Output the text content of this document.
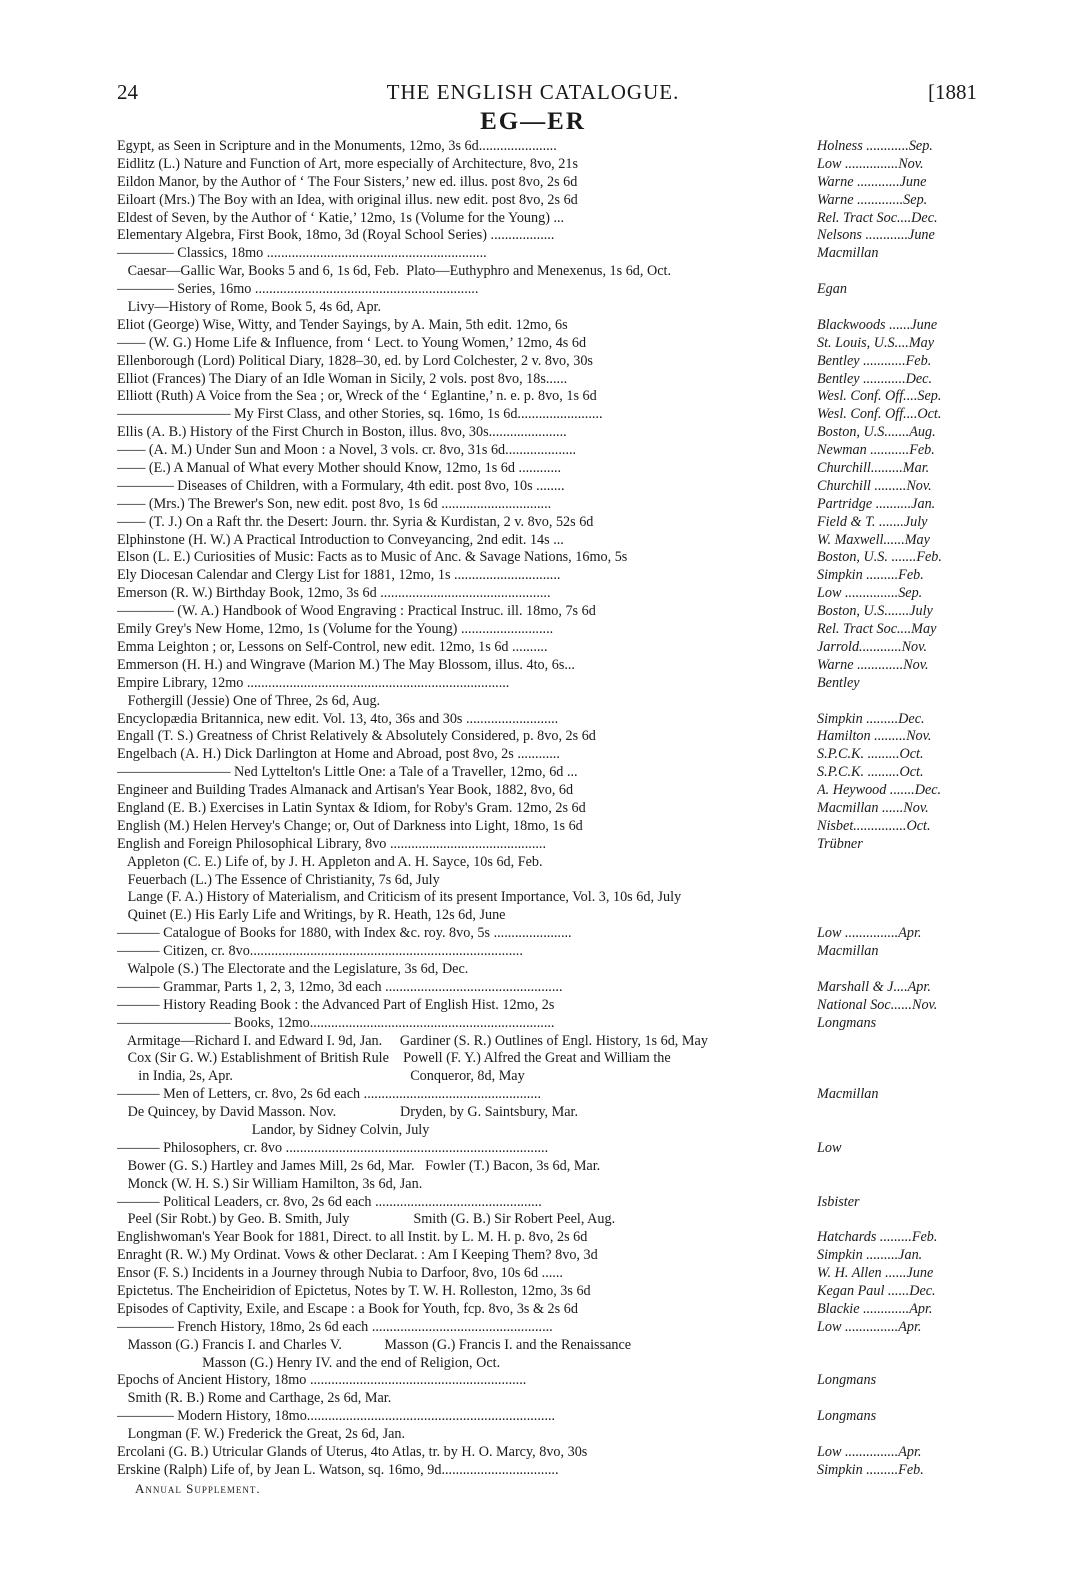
24	THE ENGLISH CATALOGUE.	[1881
EG—ER
Egypt, as Seen in Scripture and in the Monuments, 12mo, 3s 6d......................	Holness ............Sep.
Eidlitz (L.) Nature and Function of Art, more especially of Architecture, 8vo, 21s	Low ...............Nov.
Eildon Manor, by the Author of ‘ The Four Sisters,’ new ed. illus. post 8vo, 2s 6d	Warne ............June
Eiloart (Mrs.) The Boy with an Idea, with original illus. new edit. post 8vo, 2s 6d	Warne .............Sep.
Eldest of Seven, by the Author of ‘ Katie,’ 12mo, 1s (Volume for the Young) ...	Rel. Tract Soc....Dec.
Elementary Algebra, First Book, 18mo, 3d (Royal School Series) ..................	Nelsons ............June
———— Classics, 18mo ..............................................................	Macmillan
Caesar—Gallic War, Books 5 and 6, 1s 6d, Feb.  Plato—Euthyphro and Menexenus, 1s 6d, Oct.
———— Series, 16mo ...............................................................	Egan
Livy—History of Rome, Book 5, 4s 6d, Apr.
Eliot (George) Wise, Witty, and Tender Sayings, by A. Main, 5th edit. 12mo, 6s	Blackwoods ......June
—— (W. G.) Home Life & Influence, from ‘ Lect. to Young Women,’ 12mo, 4s 6d	St. Louis, U.S....May
Ellenborough (Lord) Political Diary, 1828–30, ed. by Lord Colchester, 2 v. 8vo, 30s	Bentley ............Feb.
Elliot (Frances) The Diary of an Idle Woman in Sicily, 2 vols. post 8vo, 18s......	Bentley ............Dec.
Elliott (Ruth) A Voice from the Sea ; or, Wreck of the ‘ Eglantine,’ n. e. p. 8vo, 1s 6d	Wesl. Conf. Off....Sep.
———————— My First Class, and other Stories, sq. 16mo, 1s 6d........................	Wesl. Conf. Off....Oct.
Ellis (A. B.) History of the First Church in Boston, illus. 8vo, 30s......................	Boston, U.S.......Aug.
—— (A. M.) Under Sun and Moon : a Novel, 3 vols. cr. 8vo, 31s 6d....................	Newman ...........Feb.
—— (E.) A Manual of What every Mother should Know, 12mo, 1s 6d ............	Churchill.........Mar.
———— Diseases of Children, with a Formulary, 4th edit. post 8vo, 10s ........	Churchill .........Nov.
—— (Mrs.) The Brewer's Son, new edit. post 8vo, 1s 6d ...............................	Partridge ..........Jan.
—— (T. J.) On a Raft thr. the Desert: Journ. thr. Syria & Kurdistan, 2 v. 8vo, 52s 6d	Field & T. .......July
Elphinstone (H. W.) A Practical Introduction to Conveyancing, 2nd edit. 14s ...	W. Maxwell......May
Elson (L. E.) Curiosities of Music: Facts as to Music of Anc. & Savage Nations, 16mo, 5s	Boston, U.S. .......Feb.
Ely Diocesan Calendar and Clergy List for 1881, 12mo, 1s ..............................	Simpkin .........Feb.
Emerson (R. W.) Birthday Book, 12mo, 3s 6d ................................................	Low ...............Sep.
———— (W. A.) Handbook of Wood Engraving : Practical Instruc. ill. 18mo, 7s 6d	Boston, U.S.......July
Emily Grey's New Home, 12mo, 1s (Volume for the Young) ..........................	Rel. Tract Soc....May
Emma Leighton ; or, Lessons on Self-Control, new edit. 12mo, 1s 6d ..........	Jarrold............Nov.
Emmerson (H. H.) and Wingrave (Marion M.) The May Blossom, illus. 4to, 6s...	Warne .............Nov.
Empire Library, 12mo ..........................................................................	Bentley
Fothergill (Jessie) One of Three, 2s 6d, Aug.
Encyclopædia Britannica, new edit. Vol. 13, 4to, 36s and 30s ..........................	Simpkin .........Dec.
Engall (T. S.) Greatness of Christ Relatively & Absolutely Considered, p. 8vo, 2s 6d	Hamilton .........Nov.
Engelbach (A. H.) Dick Darlington at Home and Abroad, post 8vo, 2s ............	S.P.C.K. .........Oct.
———————— Ned Lyttelton's Little One: a Tale of a Traveller, 12mo, 6d ...	S.P.C.K. .........Oct.
Engineer and Building Trades Almanack and Artisan's Year Book, 1882, 8vo, 6d	A. Heywood .......Dec.
England (E. B.) Exercises in Latin Syntax & Idiom, for Roby's Gram. 12mo, 2s 6d	Macmillan ......Nov.
English (M.) Helen Hervey's Change; or, Out of Darkness into Light, 18mo, 1s 6d	Nisbet...............Oct.
English and Foreign Philosophical Library, 8vo ............................................	Trübner
Appleton (C. E.) Life of, by J. H. Appleton and A. H. Sayce, 10s 6d, Feb.
Feuerbach (L.) The Essence of Christianity, 7s 6d, July
Lange (F. A.) History of Materialism, and Criticism of its present Importance, Vol. 3, 10s 6d, July
Quinet (E.) His Early Life and Writings, by R. Heath, 12s 6d, June
——— Catalogue of Books for 1880, with Index &c. roy. 8vo, 5s ......................	Low ...............Apr.
——— Citizen, cr. 8vo.............................................................................	Macmillan
Walpole (S.) The Electorate and the Legislature, 3s 6d, Dec.
——— Grammar, Parts 1, 2, 3, 12mo, 3d each ..................................................	Marshall & J....Apr.
——— History Reading Book : the Advanced Part of English Hist. 12mo, 2s	National Soc......Nov.
———————— Books, 12mo.....................................................................	Longmans
Armitage—Richard I. and Edward I. 9d, Jan.     Gardiner (S. R.) Outlines of Engl. History, 1s 6d, May
Cox (Sir G. W.) Establishment of British Rule    Powell (F. Y.) Alfred the Great and William the
in India, 2s, Apr.                                                  Conqueror, 8d, May
——— Men of Letters, cr. 8vo, 2s 6d each ..................................................	Macmillan
De Quincey, by David Masson. Nov.                  Dryden, by G. Saintsbury, Mar.
Landor, by Sidney Colvin, July
——— Philosophers, cr. 8vo ..........................................................................	Low
Bower (G. S.) Hartley and James Mill, 2s 6d, Mar.   Fowler (T.) Bacon, 3s 6d, Mar.
Monck (W. H. S.) Sir William Hamilton, 3s 6d, Jan.
——— Political Leaders, cr. 8vo, 2s 6d each ...............................................	Isbister
Peel (Sir Robt.) by Geo. B. Smith, July                  Smith (G. B.) Sir Robert Peel, Aug.
Englishwoman's Year Book for 1881, Direct. to all Instit. by L. M. H. p. 8vo, 2s 6d	Hatchards .........Feb.
Enraght (R. W.) My Ordinat. Vows & other Declarat. : Am I Keeping Them? 8vo, 3d	Simpkin .........Jan.
Ensor (F. S.) Incidents in a Journey through Nubia to Darfoor, 8vo, 10s 6d ......	W. H. Allen ......June
Epictetus. The Encheiridion of Epictetus, Notes by T. W. H. Rolleston, 12mo, 3s 6d	Kegan Paul ......Dec.
Episodes of Captivity, Exile, and Escape : a Book for Youth, fcp. 8vo, 3s & 2s 6d	Blackie .............Apr.
———— French History, 18mo, 2s 6d each ...................................................	Low ...............Apr.
Masson (G.) Francis I. and Charles V.            Masson (G.) Francis I. and the Renaissance
Masson (G.) Henry IV. and the end of Religion, Oct.
Epochs of Ancient History, 18mo .............................................................	Longmans
Smith (R. B.) Rome and Carthage, 2s 6d, Mar.
———— Modern History, 18mo......................................................................	Longmans
Longman (F. W.) Frederick the Great, 2s 6d, Jan.
Ercolani (G. B.) Utricular Glands of Uterus, 4to Atlas, tr. by H. O. Marcy, 8vo, 30s	Low ...............Apr.
Erskine (Ralph) Life of, by Jean L. Watson, sq. 16mo, 9d.................................	Simpkin .........Feb.
Annual Supplement.
